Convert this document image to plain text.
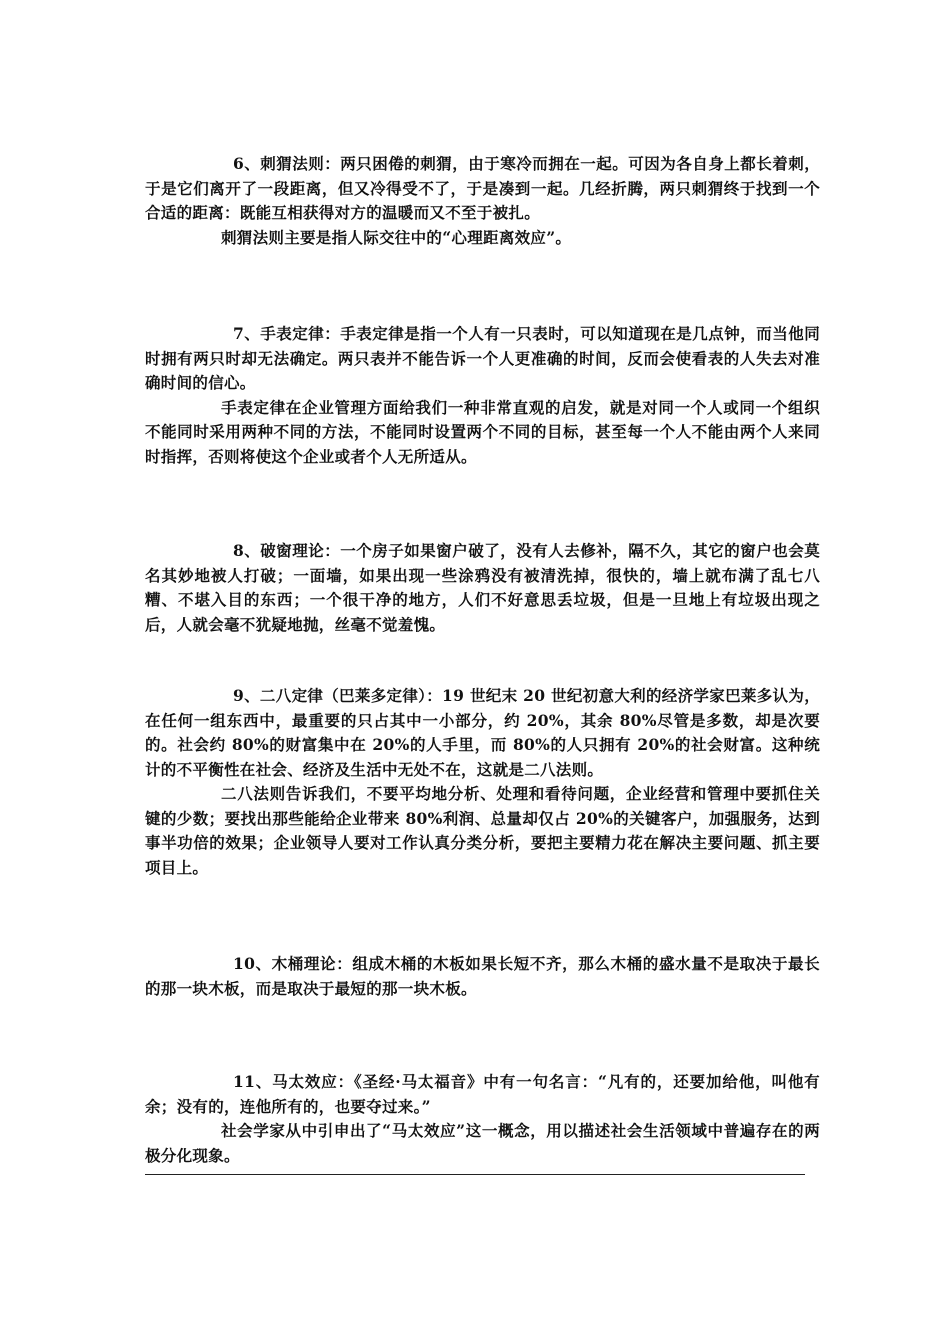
6、刺猬法则：两只困倦的刺猬，由于寒冷而拥在一起。可因为各自身上都长着刺，于是它们离开了一段距离，但又冷得受不了，于是凑到一起。几经折腾，两只刺猬终于找到一个合适的距离：既能互相获得对方的温暖而又不至于被扎。

刺猬法则主要是指人际交往中的“心理距离效应”。

7、手表定律：手表定律是指一个人有一只表时，可以知道现在是几点钟，而当他同时拥有两只时却无法确定。两只表并不能告诉一个人更准确的时间，反而会使看表的人失去对准确时间的信心。

手表定律在企业管理方面给我们一种非常直观的启发，就是对同一个人或同一个组织不能同时采用两种不同的方法，不能同时设置两个不同的目标，甚至每一个人不能由两个人来同时指挥，否则将使这个企业或者个人无所适从。

8、破窗理论：一个房子如果窗户破了，没有人去修补，隔不久，其它的窗户也会莫名其妙地被人打破；一面墙，如果出现一些涂鸦没有被清洗掉，很快的，墙上就布满了乱七八糟、不堪入目的东西；一个很干净的地方，人们不好意思丢垃圾，但是一旦地上有垃圾出现之后，人就会毫不犹疑地抛，丝毫不觉羞愧。

9、二八定律（巴莱多定律）：19 世纪末 20 世纪初意大利的经济学家巴莱多认为，在任何一组东西中，最重要的只占其中一小部分，约 20%，其余 80%尽管是多数，却是次要的。社会约 80%的财富集中在 20%的人手里，而 80%的人只拥有 20%的社会财富。这种统计的不平衡性在社会、经济及生活中无处不在，这就是二八法则。

二八法则告诉我们，不要平均地分析、处理和看待问题，企业经营和管理中要抓住关键的少数；要找出那些能给企业带来 80%利润、总量却仅占 20%的关键客户，加强服务，达到事半功倍的效果；企业领导人要对工作认真分类分析，要把主要精力花在解决主要问题、抓主要项目上。

10、木桶理论：组成木桶的木板如果长短不齐，那么木桶的盛水量不是取决于最长的那一块木板，而是取决于最短的那一块木板。

11、马太效应：《圣经·马太福音》中有一句名言：“凡有的，还要加给他，叫他有余；没有的，连他所有的，也要夺过来。”

社会学家从中引申出了“马太效应”这一概念，用以描述社会生活领域中普遍存在的两极分化现象。
